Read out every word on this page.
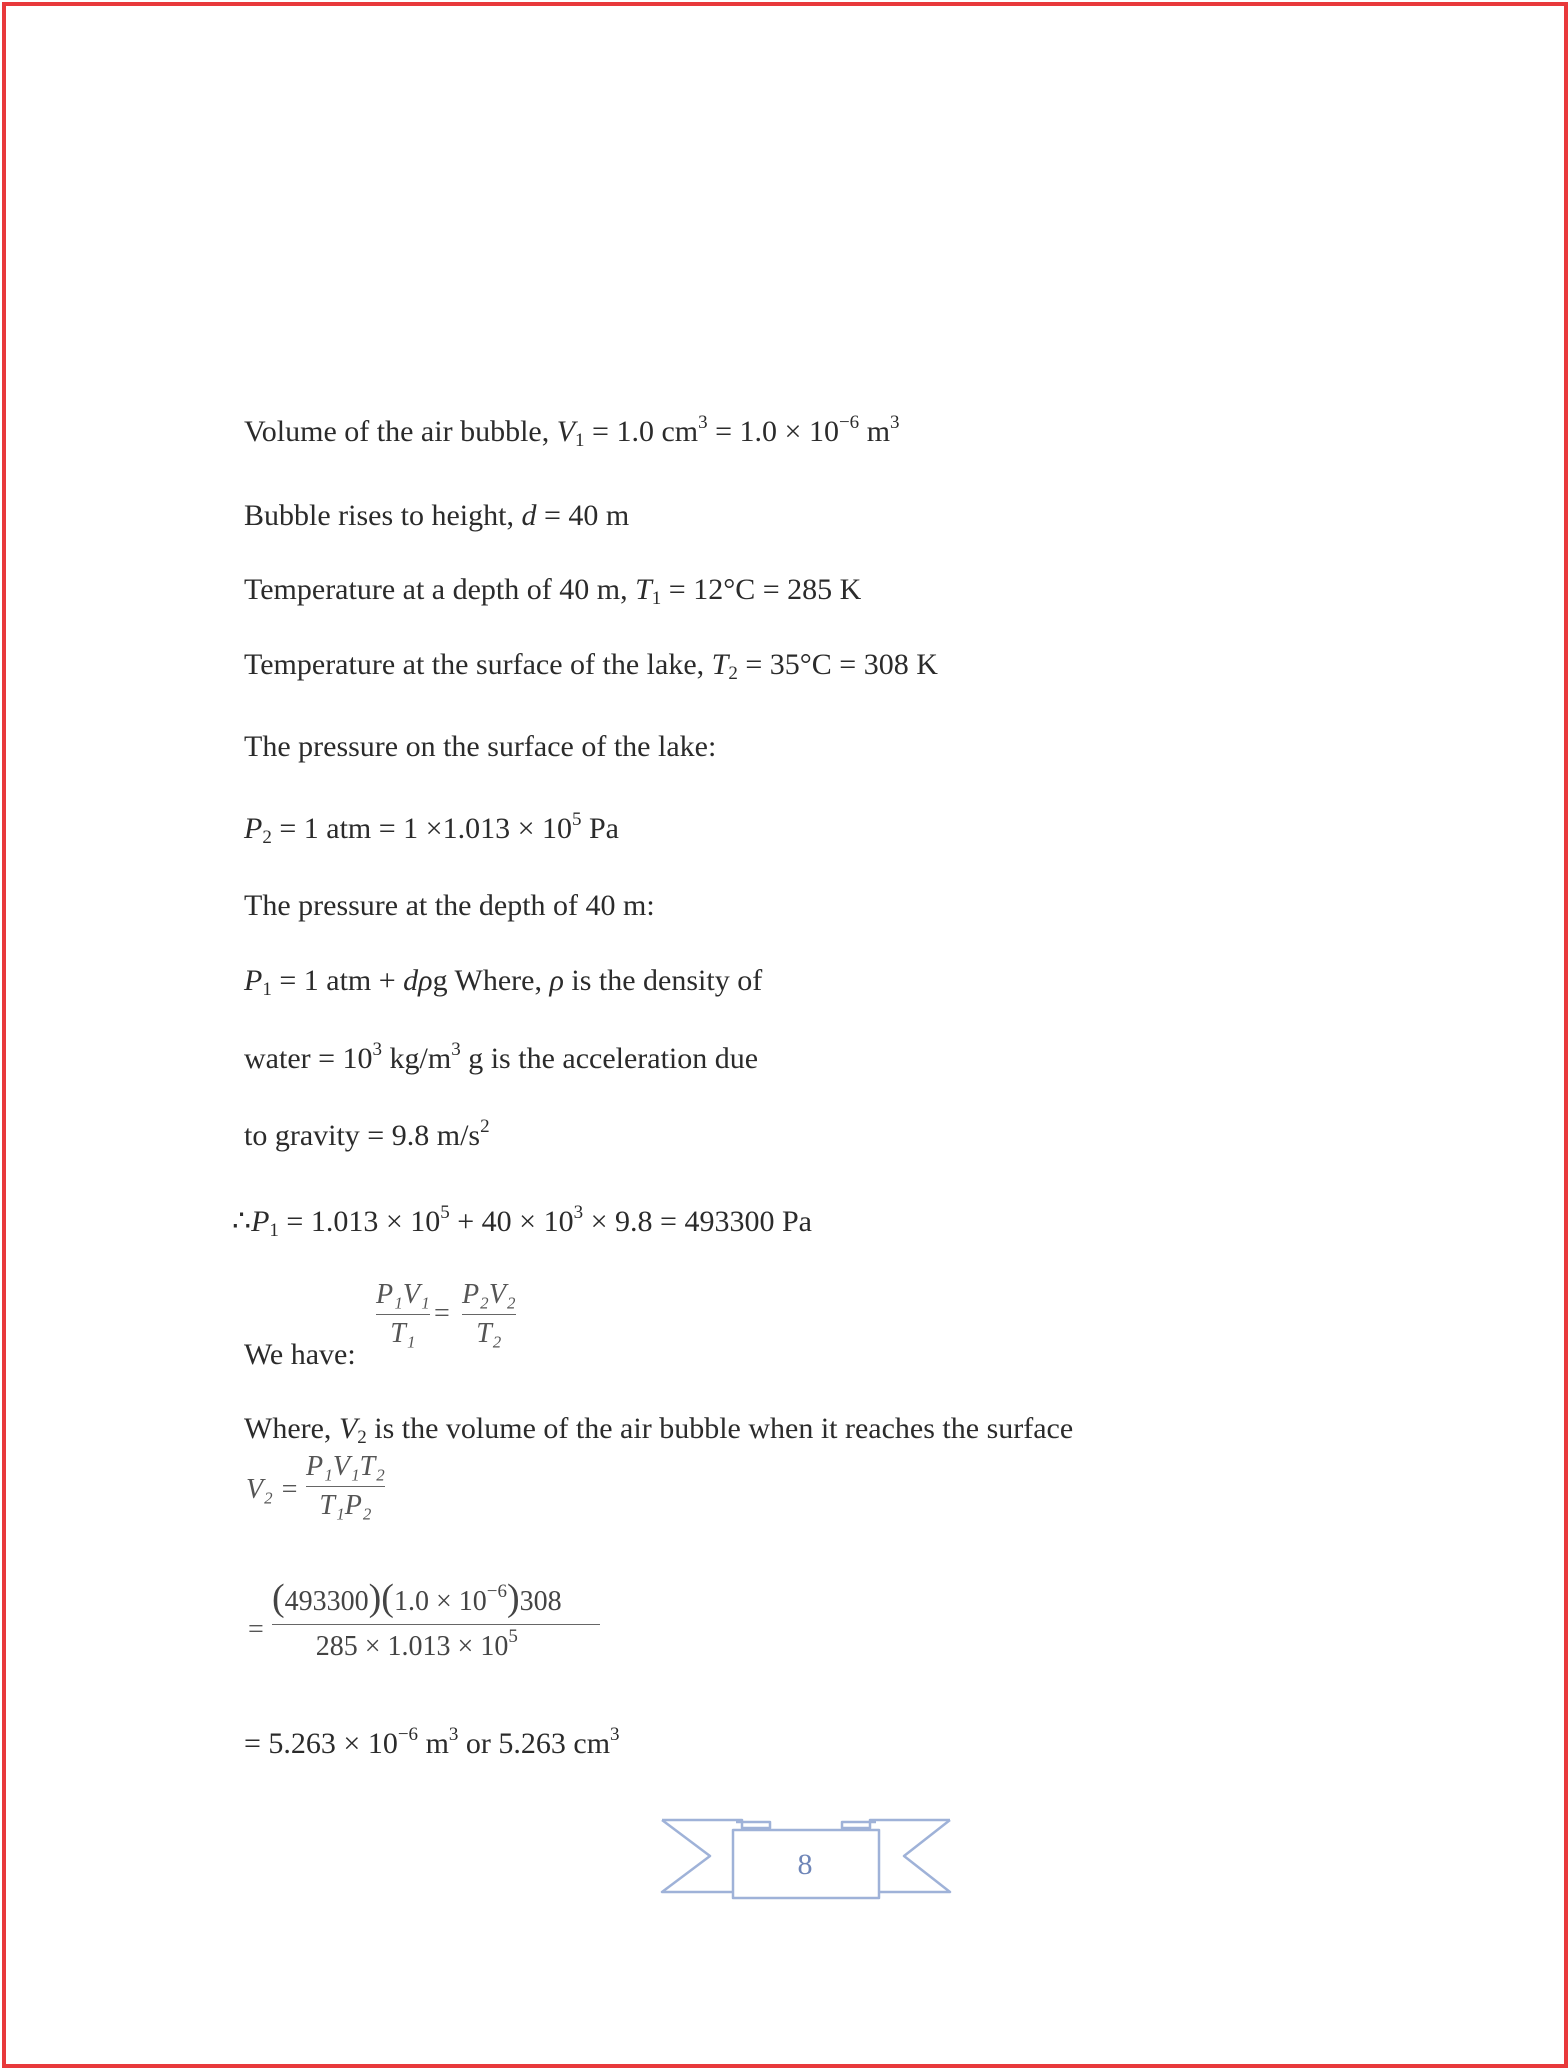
Volume of the air bubble, $V_1 = 1.0$ $cm^3 = 1.0 \times 10^{-6}$ $m^3$
Bubble rises to height, d = 40 m
Temperature at a depth of 40 m, $T_1 = 12^\circ C = 285$ K
Temperature at the surface of the lake, $T_2 = 35^\circ C = 308$ K
The pressure on the surface of the lake:
$P_2 = 1$ atm = $1 \times 1.013 \times 10^5$ Pa
The pressure at the depth of 40 m:
$P_1 = 1$ atm + dρg Where, ρ is the density of
water = $10^3$ $kg/m^3$ g is the acceleration due
to gravity = 9.8 $m/s^2$
$\therefore P_1 = 1.013 \times 10^5 + 40 \times 10^3 \times 9.8 = 493300$ Pa
We have:
P₁V₁
T₁
=
P₂V₂
T₂
Where, $V_2$ is the volume of the air bubble when it reaches the surface
V₂ =
P₁V₁T₂
T₁P₂
=
$(493300)(1.0 \times 10^{-6})308$
$285 \times 1.013 \times 10^5$
= $5.263 \times 10^{-6}$ $m^3$ or 5.263 $cm^3$
8
